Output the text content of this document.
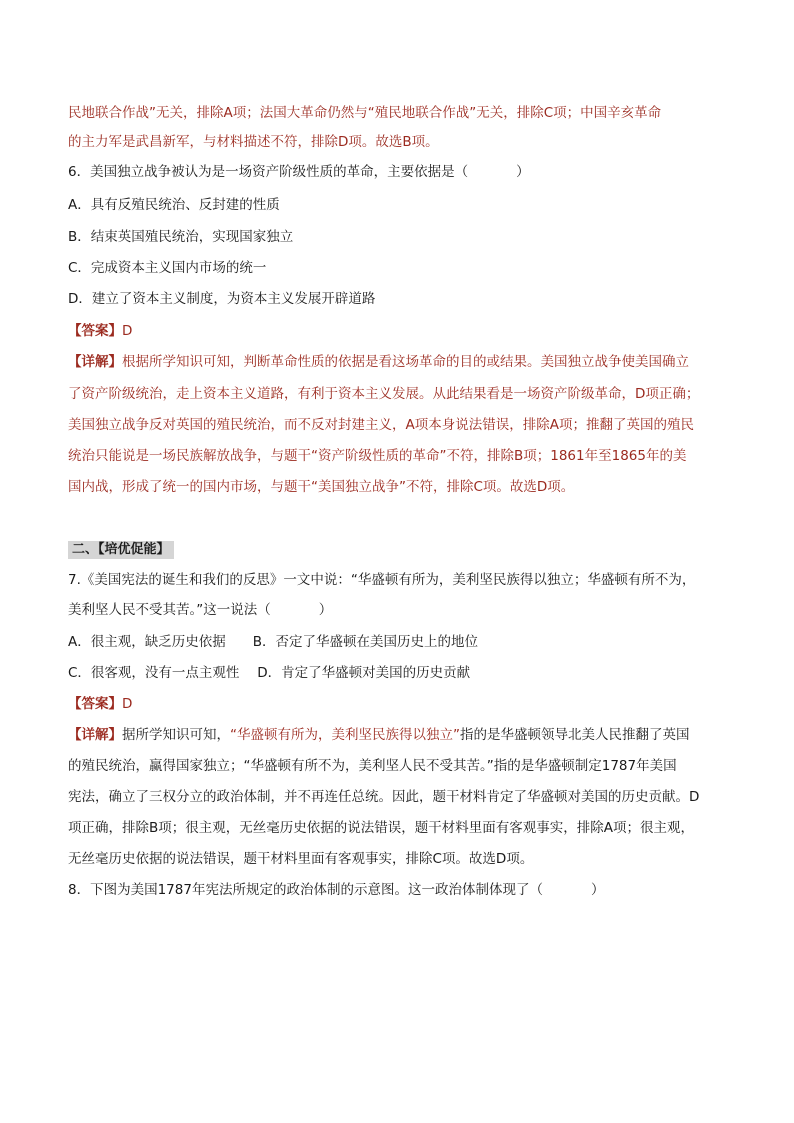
民地联合作战”无关，排除A项；法国大革命仍然与“殖民地联合作战”无关，排除C项；中国辛亥革命
的主力军是武昌新军，与材料描述不符，排除D项。故选B项。
6．美国独立战争被认为是一场资产阶级性质的革命，主要依据是（	）
A．具有反殖民统治、反封建的性质
B．结束英国殖民统治，实现国家独立
C．完成资本主义国内市场的统一
D．建立了资本主义制度，为资本主义发展开辟道路
【答案】D
【详解】根据所学知识可知，判断革命性质的依据是看这场革命的目的或结果。美国独立战争使美国确立
了资产阶级统治，走上资本主义道路，有利于资本主义发展。从此结果看是一场资产阶级革命，D项正确；
美国独立战争反对英国的殖民统治，而不反对封建主义，A项本身说法错误，排除A项；推翻了英国的殖民
统治只能说是一场民族解放战争，与题干“资产阶级性质的革命”不符，排除B项；1861年至1865年的美
国内战，形成了统一的国内市场，与题干“美国独立战争”不符，排除C项。故选D项。
二、【培优促能】
7.《美国宪法的诞生和我们的反思》一文中说：“华盛顿有所为，美利坚民族得以独立；华盛顿有所不为，
美利坚人民不受其苦。”这一说法（	）
A．很主观，缺乏历史依据　　B．否定了华盛顿在美国历史上的地位
C．很客观，没有一点主观性　 D．肯定了华盛顿对美国的历史贡献
【答案】D
【详解】据所学知识可知，“华盛顿有所为，美利坚民族得以独立”指的是华盛顿领导北美人民推翻了英国
的殖民统治，赢得国家独立；“华盛顿有所不为，美利坚人民不受其苦。”指的是华盛顿制定1787年美国
宪法，确立了三权分立的政治体制，并不再连任总统。因此，题干材料肯定了华盛顿对美国的历史贡献。D
项正确，排除B项；很主观，无丝毫历史依据的说法错误，题干材料里面有客观事实，排除A项；很主观，
无丝毫历史依据的说法错误，题干材料里面有客观事实，排除C项。故选D项。
8．下图为美国1787年宪法所规定的政治体制的示意图。这一政治体制体现了（	）
